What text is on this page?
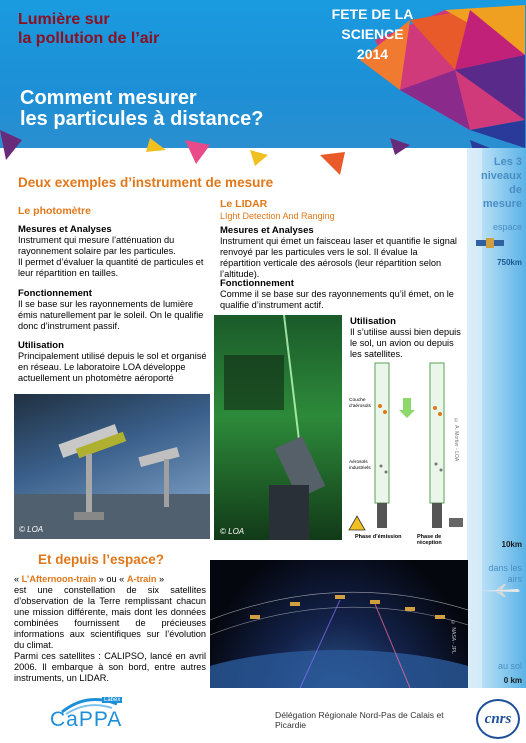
Lumière sur
la pollution de l’air
FETE DE LA SCIENCE
2014
Comment mesurer
les particules à distance?
Les 3
niveaux
de
mesure
espace
750km
10km
dans les
airs
au sol
0 km
Deux exemples d’instrument de mesure
Le photomètre
Mesures et Analyses
Instrument qui mesure l’atténuation du rayonnement solaire par les particules.
Il permet d’évaluer la quantité de particules et leur répartition en tailles.
Fonctionnement
Il se base sur les rayonnements de lumière émis naturellement par le soleil. On le qualifie donc d’instrument passif.
Utilisation
Principalement utilisé depuis le sol et organisé en réseau. Le laboratoire LOA développe actuellement un photomètre aéroporté
© LOA
Le LIDAR
LIght Detection And Ranging
Mesures et Analyses
Instrument qui émet un faisceau laser et quantifie le signal renvoyé par les particules vers le sol. Il évalue la répartition verticale des aérosols (leur répartition selon l’altitude).
Fonctionnement
Comme il se base sur des rayonnements qu’il émet, on le qualifie d’instrument actif.
© LOA
Utilisation
Il s’utilise aussi bien depuis le sol, un avion ou depuis les satellites.
Couche d’aérosols
Aérosols industriels
Phase d’émission	Phase de réception
© A. Mortier - LOA
Et depuis l’espace?
« L’Afternoon-train » ou « A-train »
est une constellation de six satellites d’observation de la Terre remplissant chacun une mission différente, mais dont les données combinées fournissent de précieuses informations aux scientifiques sur l’évolution du climat.
Parmi ces satellites : CALIPSO, lancé en avril 2006. Il embarque à son bord, entre autres instruments, un LIDAR.
© NASA - JPL
CaPPA
Labex
Délégation Régionale Nord-Pas de Calais et Picardie	cnrs
